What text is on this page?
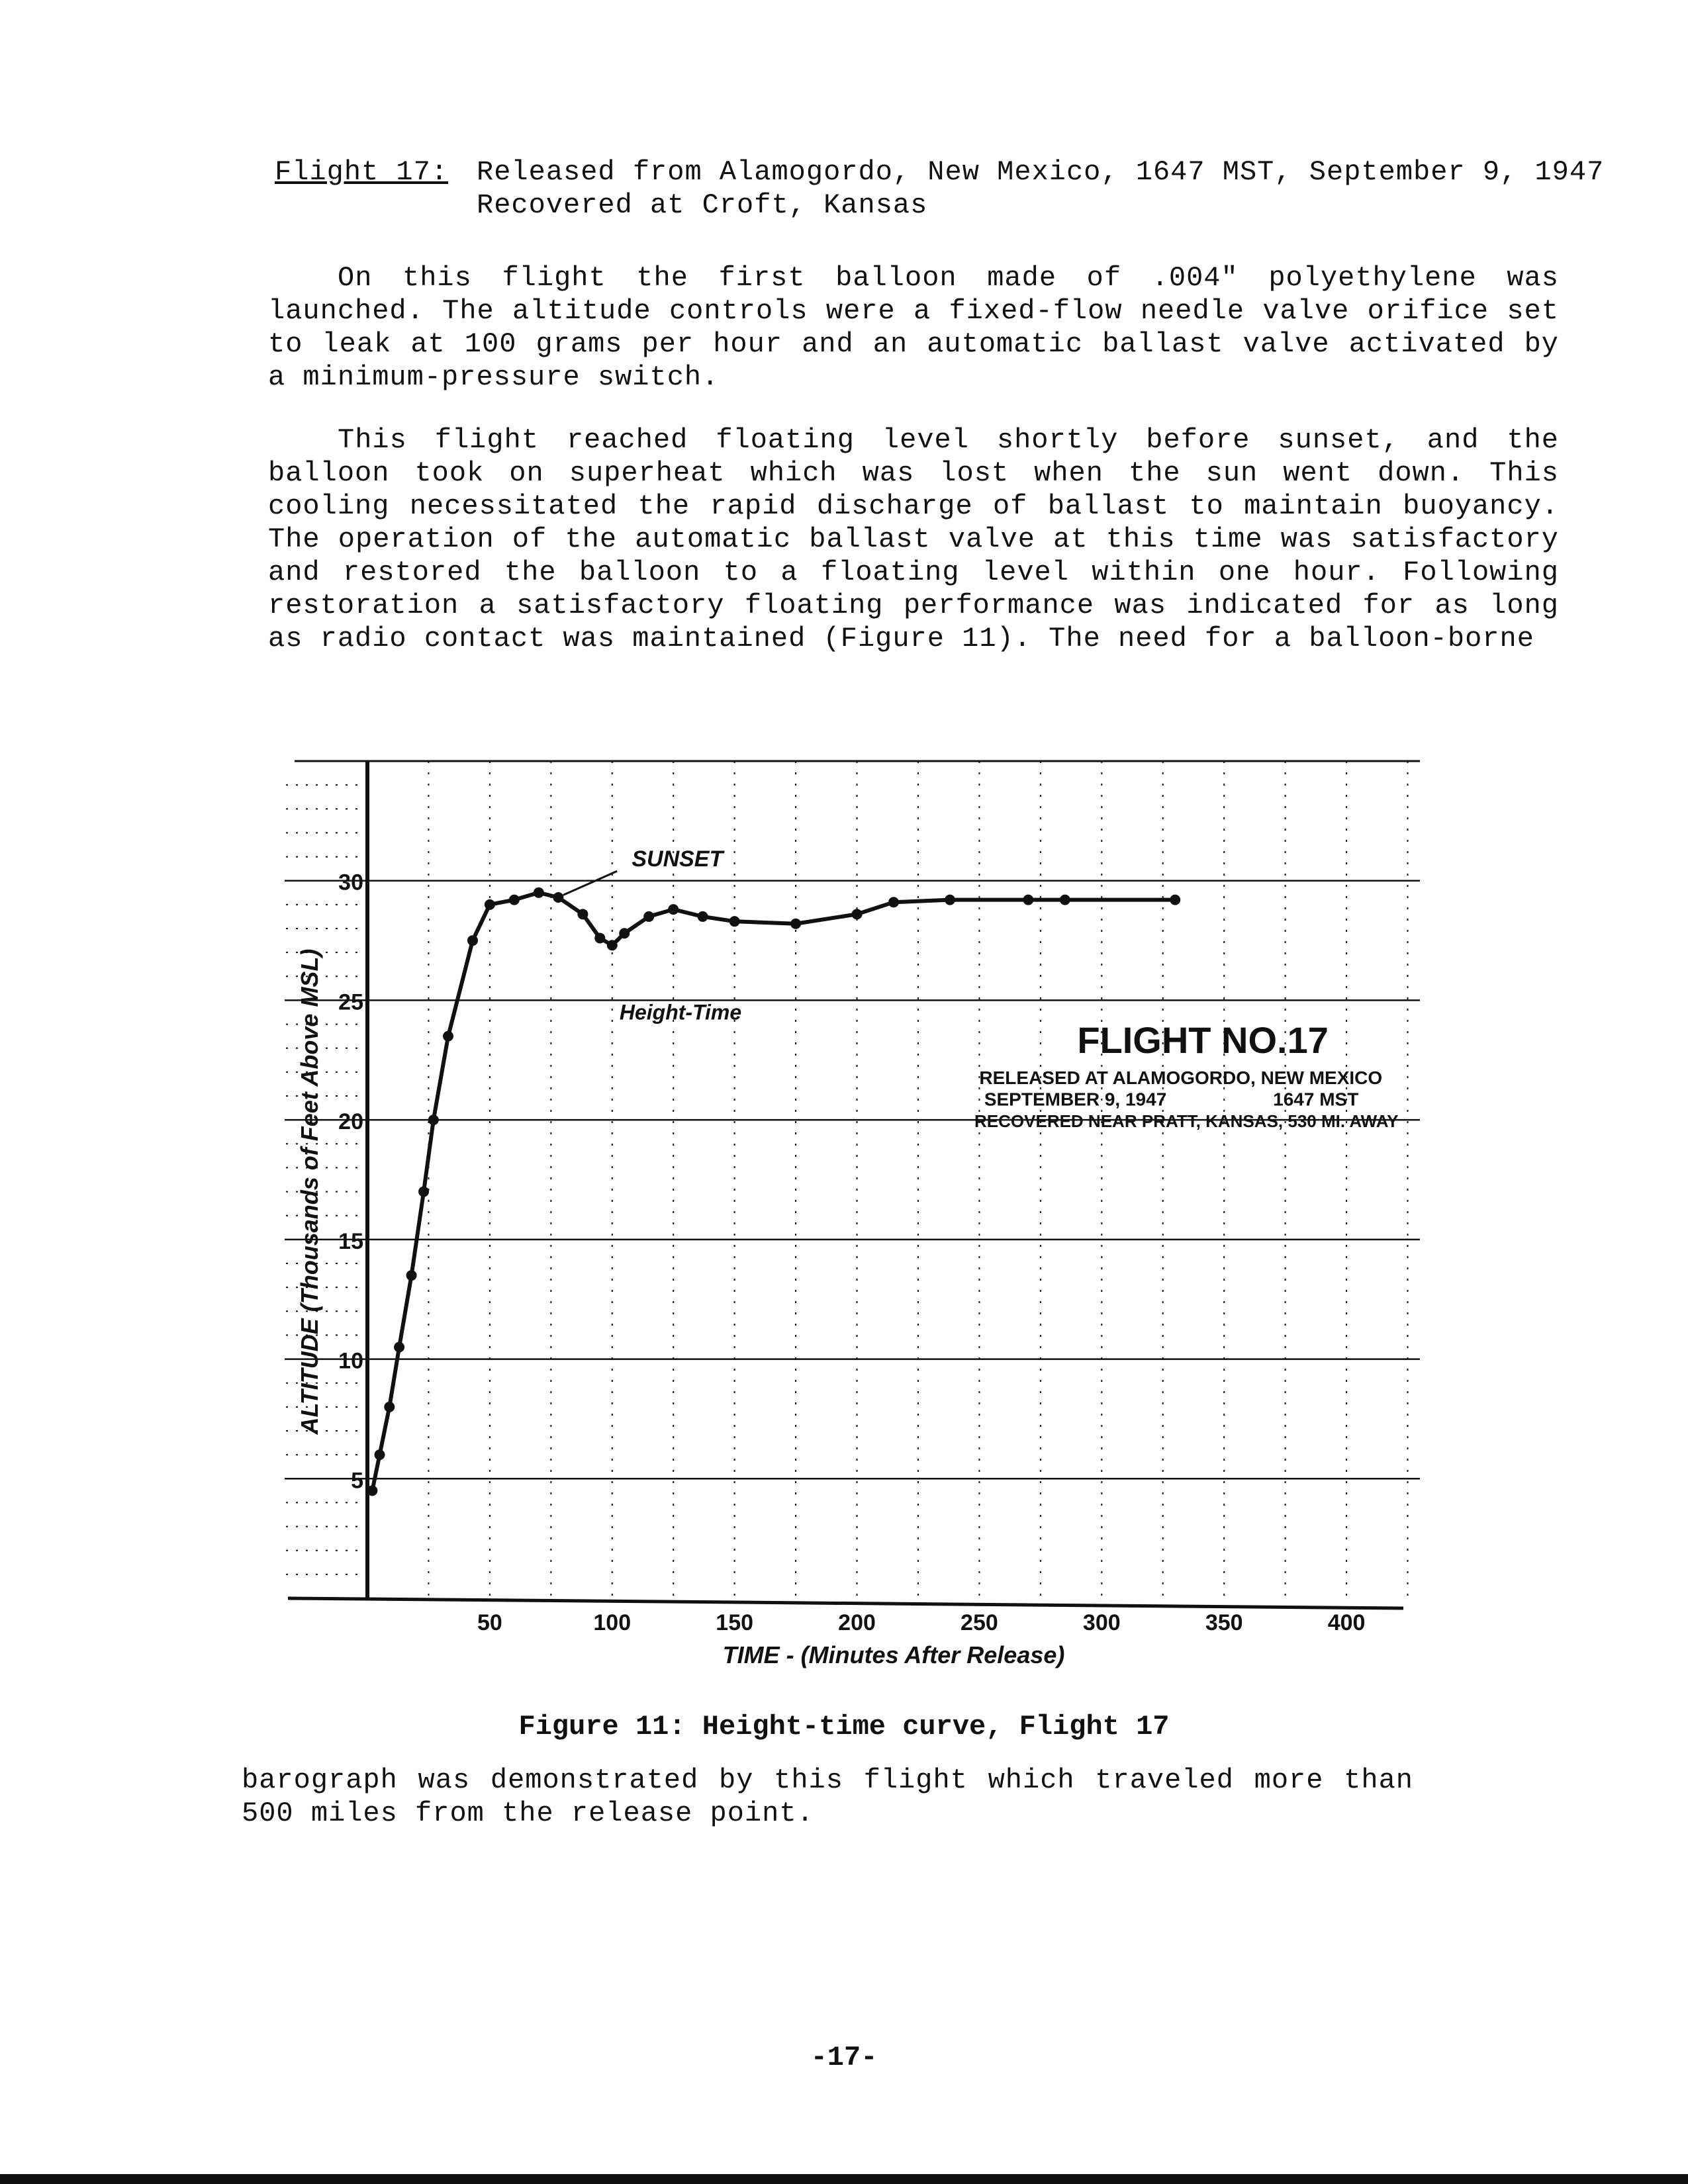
Flight 17: Released from Alamogordo, New Mexico, 1647 MST, September 9, 1947
Recovered at Croft, Kansas

On this flight the first balloon made of .004" polyethylene was launched. The altitude controls were a fixed-flow needle valve orifice set to leak at 100 grams per hour and an automatic ballast valve activated by a minimum-pressure switch.

This flight reached floating level shortly before sunset, and the balloon took on superheat which was lost when the sun went down. This cooling necessitated the rapid discharge of ballast to maintain buoyancy. The operation of the automatic ballast valve at this time was satisfactory and restored the balloon to a floating level within one hour. Following restoration a satisfactory floating performance was indicated for as long as radio contact was maintained (Figure 11). The need for a balloon-borne

5
10
15
20
25
30
50	100	150	200	250	300	350	400
TIME - (Minutes After Release)
ALTITUDE (Thousands of Feet Above MSL)
SUNSET
Height-Time
FLIGHT NO.17
RELEASED AT ALAMOGORDO, NEW MEXICO
SEPTEMBER 9, 1947	1647 MST
RECOVERED NEAR PRATT, KANSAS, 530 MI. AWAY
Figure 11: Height-time curve, Flight 17

barograph was demonstrated by this flight which traveled more than 500 miles from the release point.

-17-
